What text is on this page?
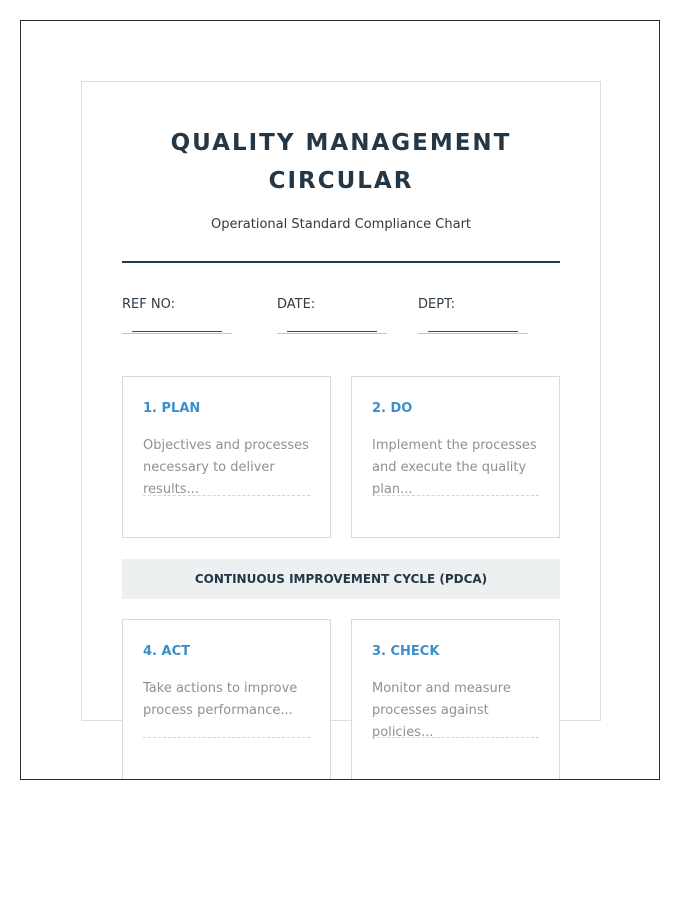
QUALITY MANAGEMENT
CIRCULAR
Operational Standard Compliance Chart
REF NO:	DATE:	DEPT:
1. PLAN
Objectives and processes necessary to deliver results...
2. DO
Implement the processes and execute the quality plan...
CONTINUOUS IMPROVEMENT CYCLE (PDCA)
4. ACT
Take actions to improve process performance...
3. CHECK
Monitor and measure processes against policies...
